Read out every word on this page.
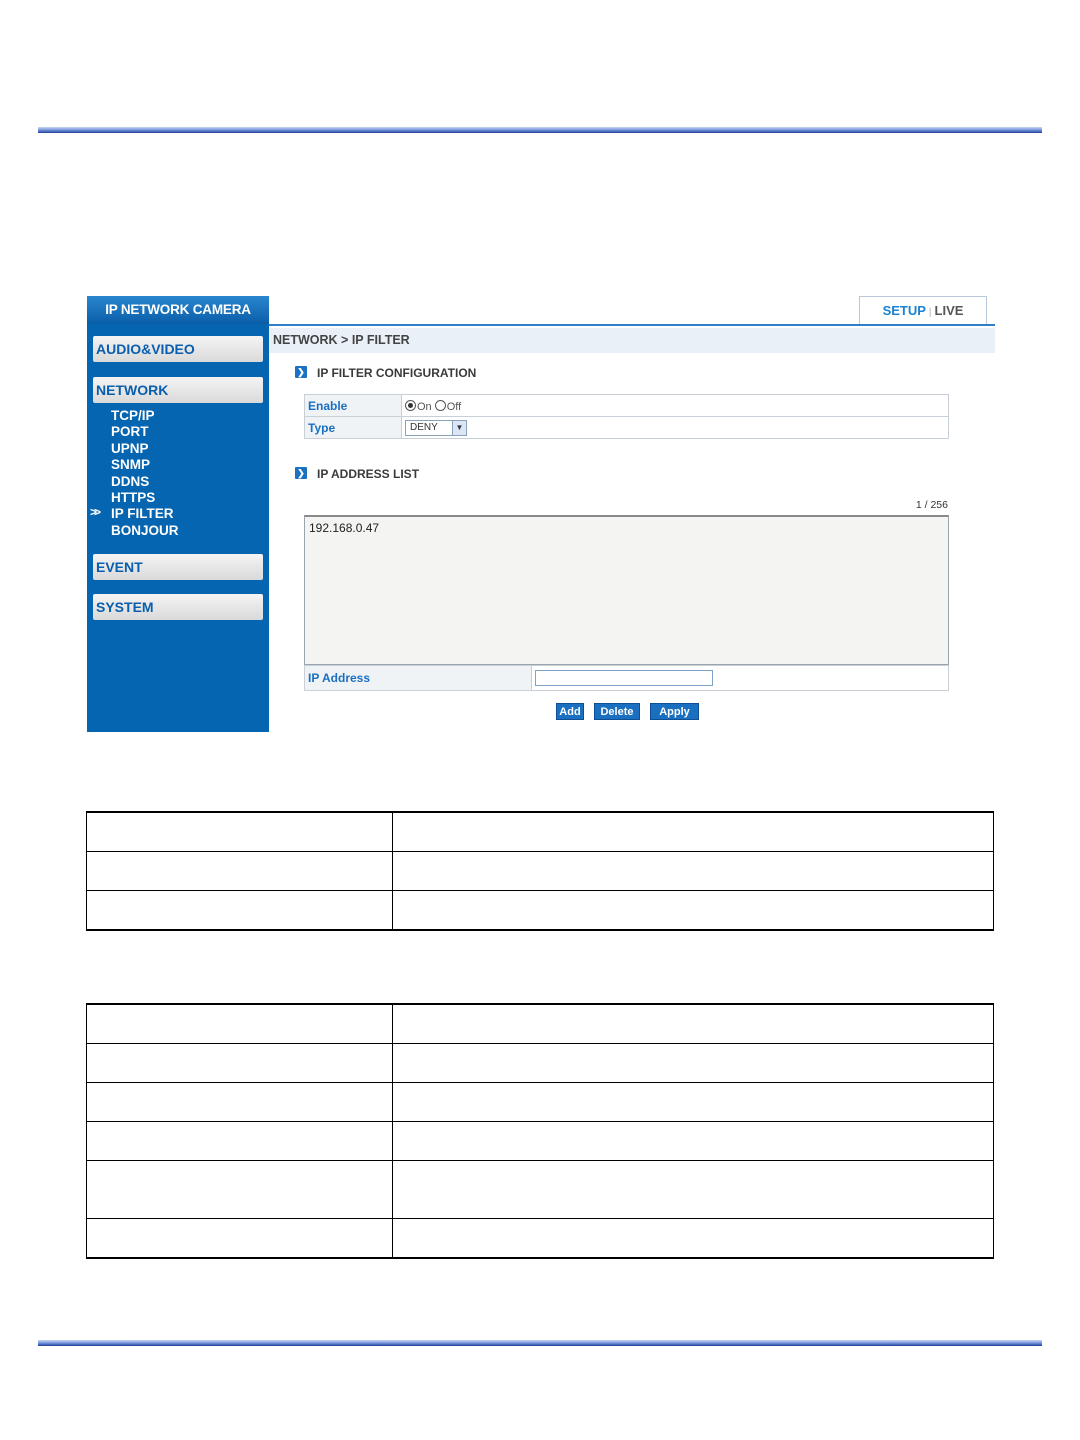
IP NETWORK CAMERA
AUDIO&VIDEO
NETWORK
TCP/IP
PORT
UPNP
SNMP
DDNS
HTTPS
IP FILTER
BONJOUR
>>
EVENT
SYSTEM
SETUP | LIVE
NETWORK > IP FILTER
❯ IP FILTER CONFIGURATION
Enable	On Off
Type	DENY ▼
❯ IP ADDRESS LIST
1 / 256
192.168.0.47
IP Address	
Add	Delete	Apply
